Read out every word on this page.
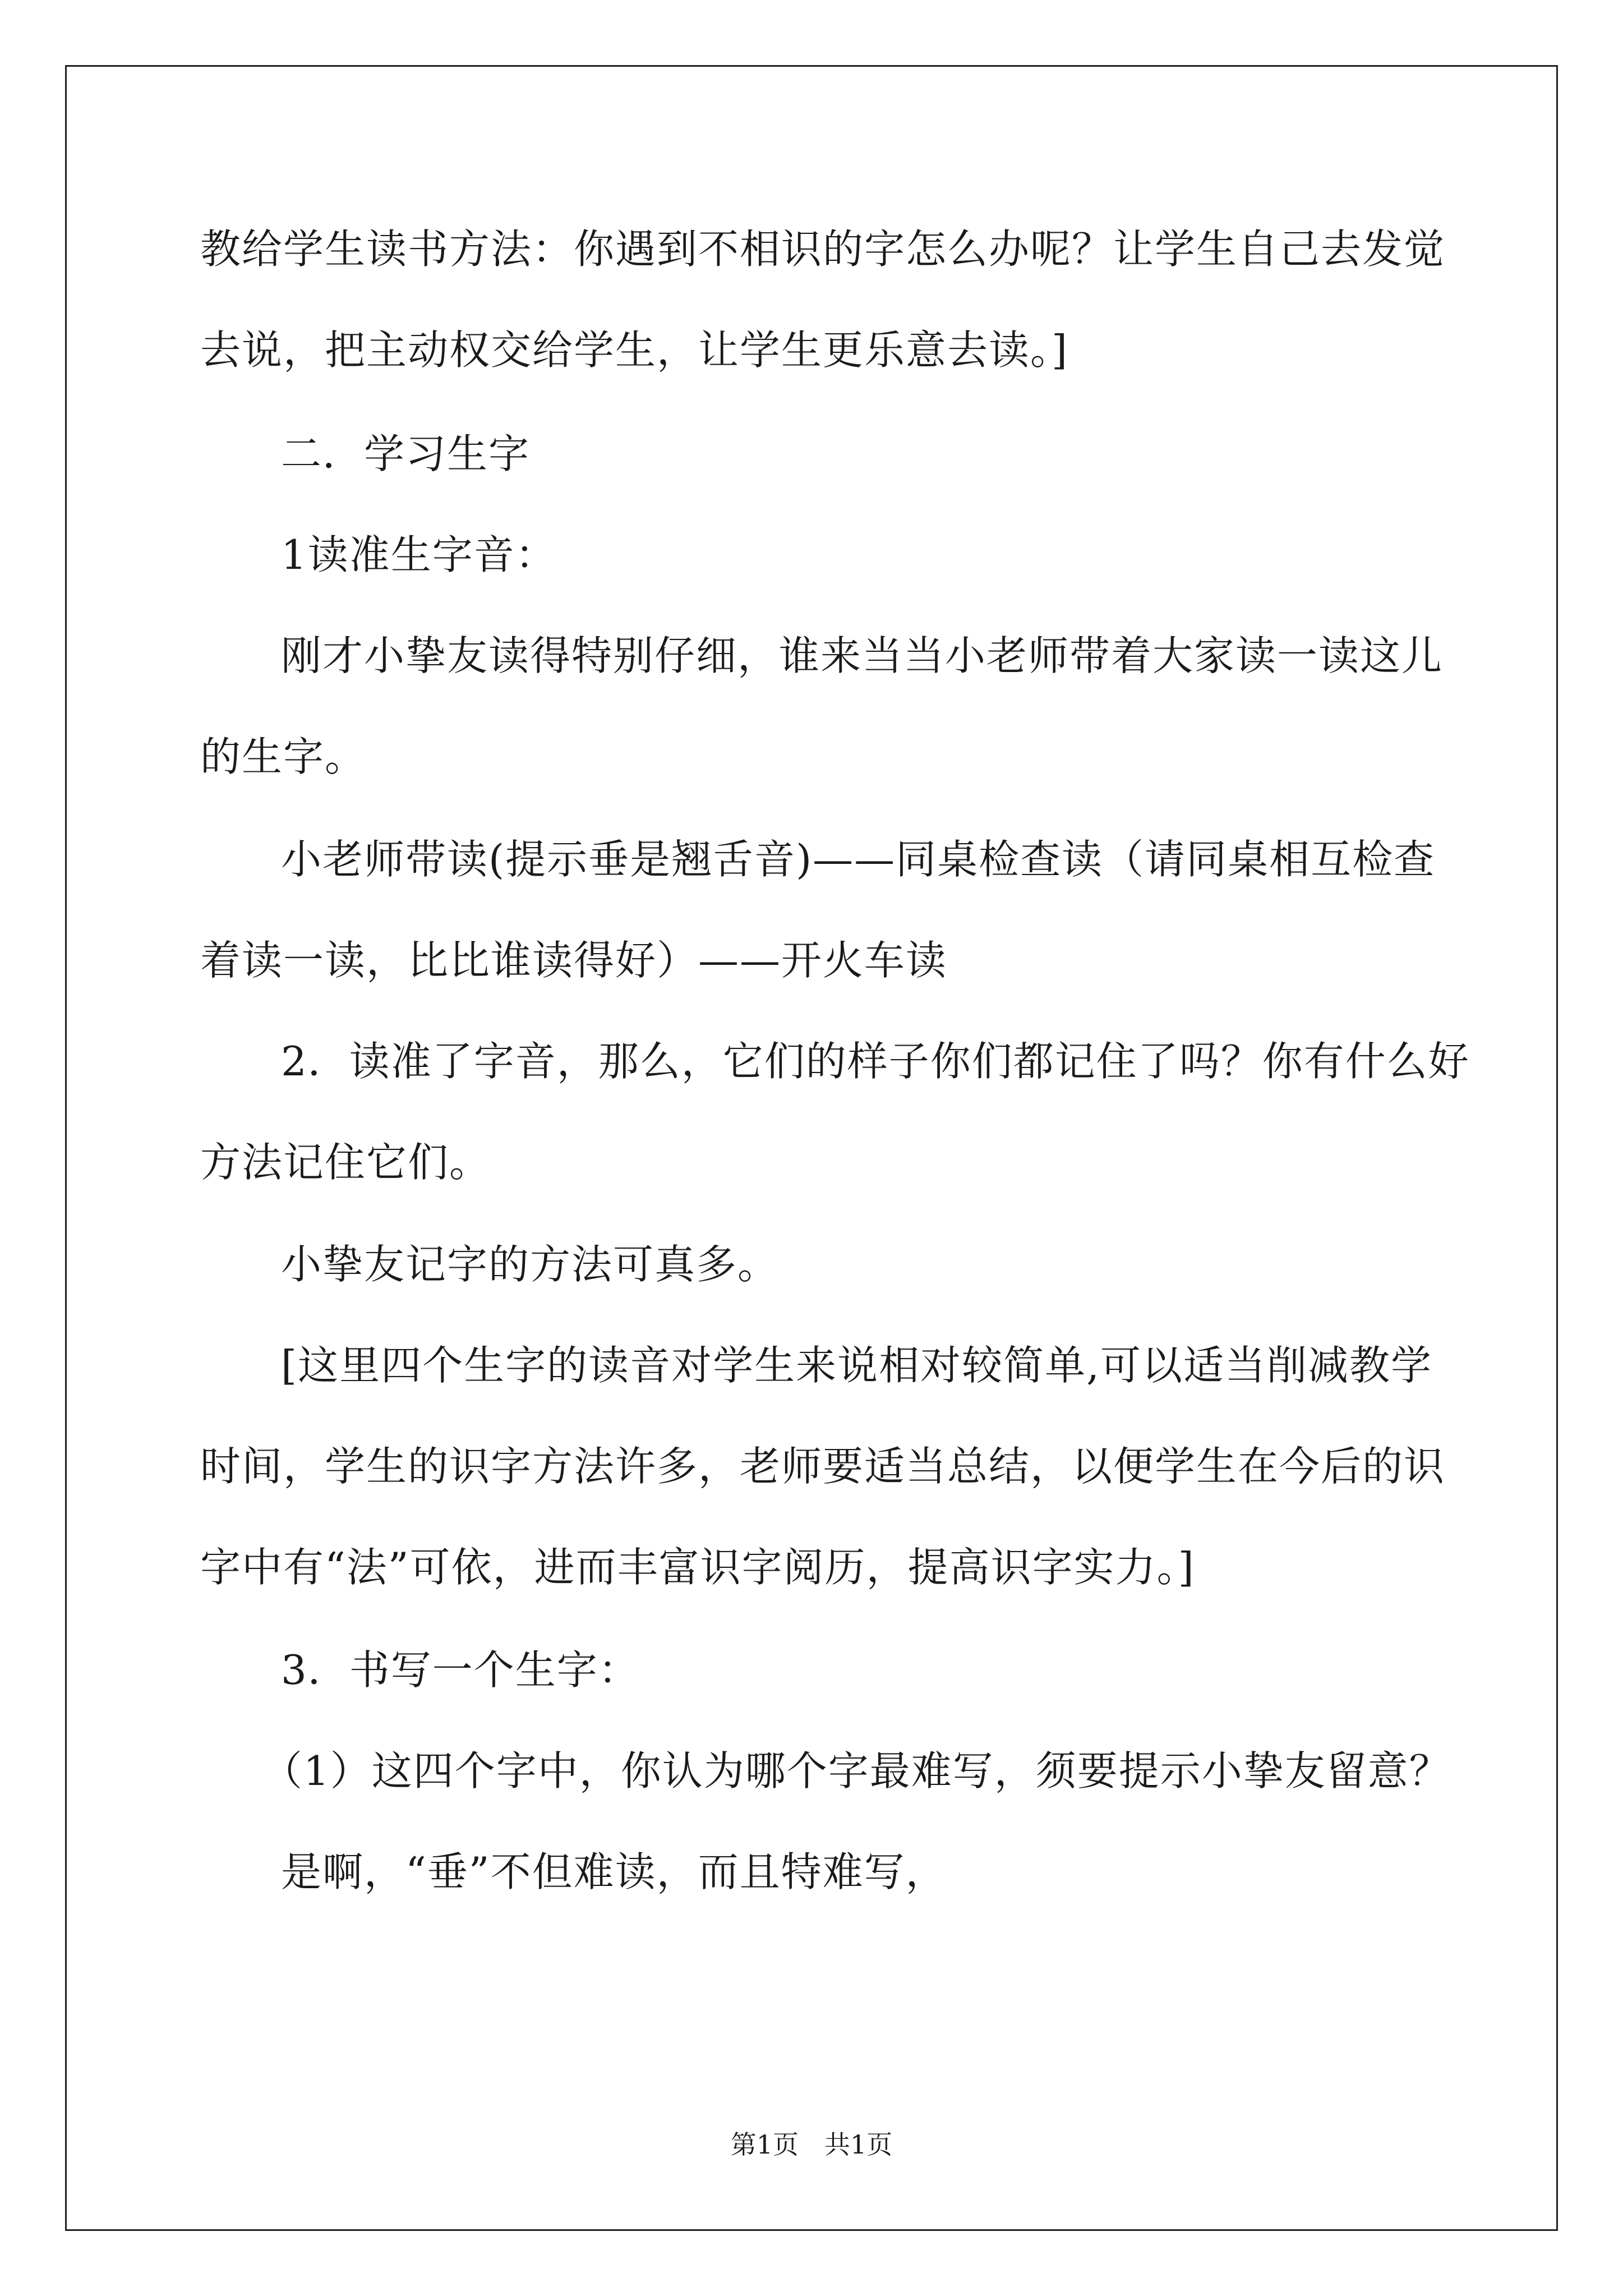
教给学生读书方法：你遇到不相识的字怎么办呢？让学生自己去发觉
去说，把主动权交给学生，让学生更乐意去读。]
二．学习生字
1读准生字音：
刚才小挚友读得特别仔细，谁来当当小老师带着大家读一读这儿
的生字。
小老师带读(提示垂是翘舌音)——同桌检查读（请同桌相互检查
着读一读，比比谁读得好）——开火车读
2．读准了字音，那么，它们的样子你们都记住了吗？你有什么好
方法记住它们。
小挚友记字的方法可真多。
[这里四个生字的读音对学生来说相对较简单,可以适当削减教学
时间，学生的识字方法许多，老师要适当总结，以便学生在今后的识
字中有“法”可依，进而丰富识字阅历，提高识字实力。]
3．书写一个生字：
（1）这四个字中，你认为哪个字最难写，须要提示小挚友留意？
是啊，“垂”不但难读，而且特难写，
第1页　共1页
